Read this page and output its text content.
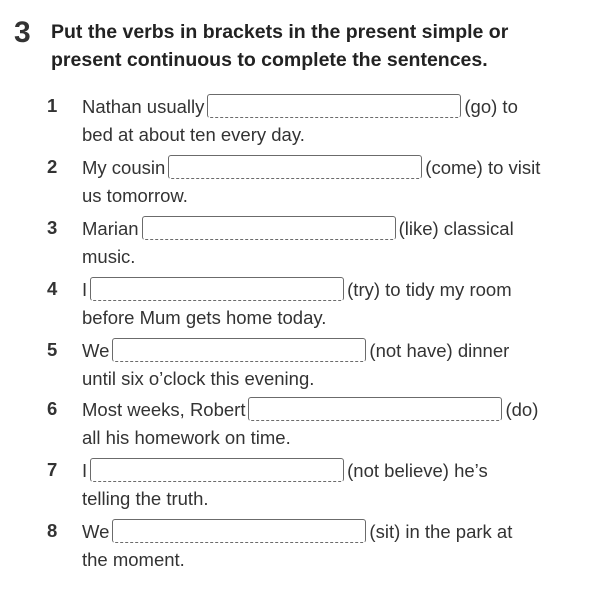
3 Put the verbs in brackets in the present simple or present continuous to complete the sentences.
1	Nathan usually	(go) to
bed at about ten every day.
2	My cousin	(come) to visit
us tomorrow.
3	Marian	(like) classical
music.
4	I	(try) to tidy my room
before Mum gets home today.
5	We	(not have) dinner
until six o’clock this evening.
6	Most weeks, Robert	(do)
all his homework on time.
7	I	(not believe) he’s
telling the truth.
8	We	(sit) in the park at
the moment.
